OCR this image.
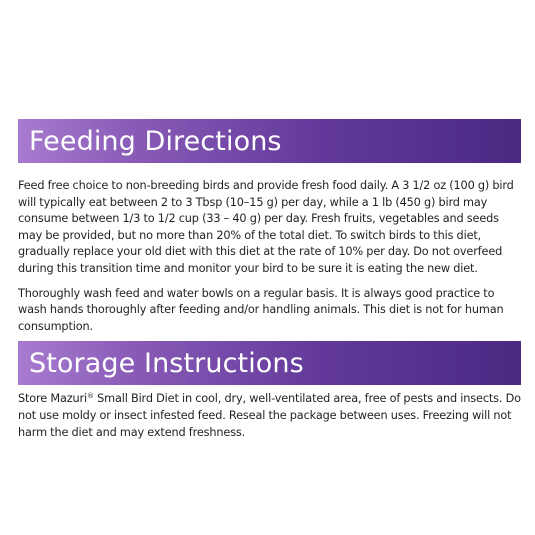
Feeding Directions

Feed free choice to non-breeding birds and provide fresh food daily. A 3 1/2 oz (100 g) bird will typically eat between 2 to 3 Tbsp (10–15 g) per day, while a 1 lb (450 g) bird may consume between 1/3 to 1/2 cup (33 – 40 g) per day. Fresh fruits, vegetables and seeds may be provided, but no more than 20% of the total diet. To switch birds to this diet, gradually replace your old diet with this diet at the rate of 10% per day. Do not overfeed during this transition time and monitor your bird to be sure it is eating the new diet.

Thoroughly wash feed and water bowls on a regular basis. It is always good practice to wash hands thoroughly after feeding and/or handling animals. This diet is not for human consumption.

Storage Instructions

Store Mazuri® Small Bird Diet in cool, dry, well-ventilated area, free of pests and insects. Do not use moldy or insect infested feed. Reseal the package between uses. Freezing will not harm the diet and may extend freshness.
